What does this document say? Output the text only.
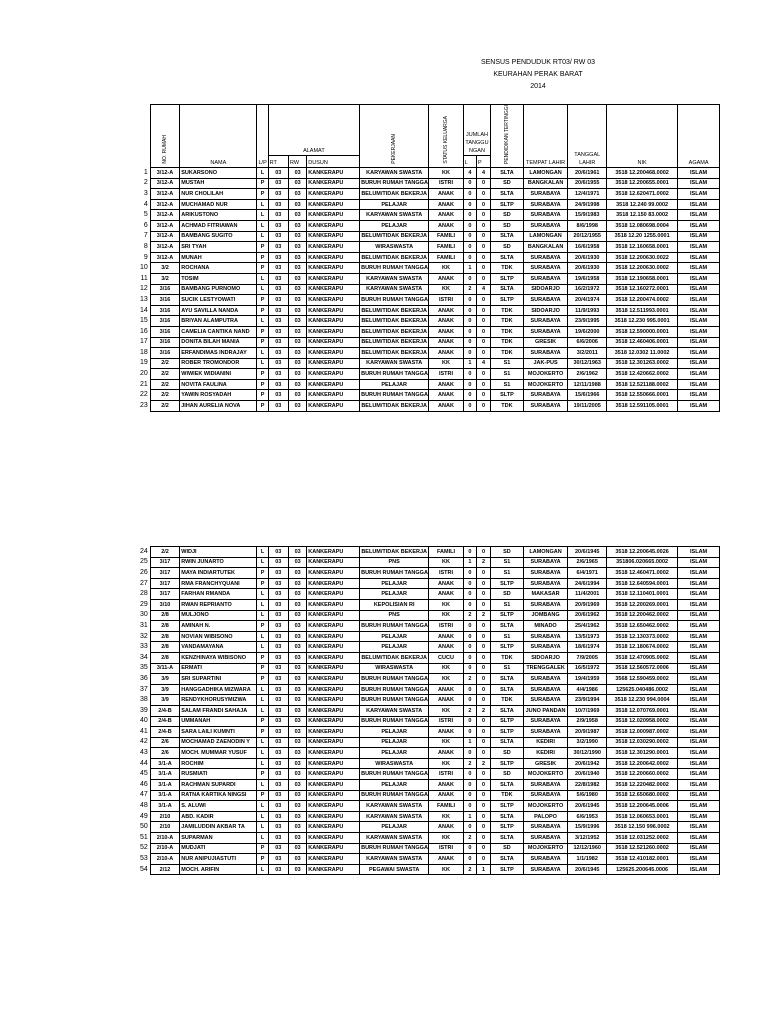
SENSUS PENDUDUK RT03/ RW 03
KEURAHAN PERAK BARAT
2014
	NO. RUMAH	NAMA	L/P	ALAMAT			PEKERJAAN	STATUS KELUARGA	JUMLAH TANGGU NGAN		PENDIDIKAN TERTINGGI	TEMPAT LAHIR	TANGGAL LAHIR	NIK	AGAMA

				RT	RW	DUSUN			L	P					
1	3/12-A	SUKARSONO	L	03	03	KANKERAPU	KARYAWAN SWASTA	KK	4	4	SLTA	LAMONGAN	20/6/1961	3518 12.200468.0002	ISLAM
2	3/12-A	MUSTAH	P	03	03	KANKERAPU	BURUH RUMAH TANGGA	ISTRI	0	0	SD	BANGKALAN	20/6/1955	3518 12.200655.0001	ISLAM
3	3/12-A	NUR CHOLILAH	P	03	03	KANKERAPU	BELUM/TIDAK BEKERJA	ANAK	0	0	SLTA	SURABAYA	12/4/1971	3518 12.620471.0002	ISLAM
4	3/12-A	MUCHAMAD NUR	L	03	03	KANKERAPU	PELAJAR	ANAK	0	0	SLTP	SURABAYA	24/9/1998	3518 12.240 99.0002	ISLAM
5	3/12-A	ARIKUSTONO	L	03	03	KANKERAPU	KARYAWAN SWASTA	ANAK	0	0	SD	SURABAYA	15/9/1983	3518 12.150 83.0002	ISLAM
6	3/12-A	ACHMAD FITRIAWAN	L	03	03	KANKERAPU	PELAJAR	ANAK	0	0	SD	SURABAYA	8/6/1998	3518 12.080698.0004	ISLAM
7	3/12-A	BAMBANG SUGITO	L	03	03	KANKERAPU	BELUM/TIDAK BEKERJA	FAMILI	0	0	SLTA	LAMONGAN	20/12/1955	3518 12.20 1255.0001	ISLAM
8	3/12-A	SRI TYAH	P	03	03	KANKERAPU	WIRASWASTA	FAMILI	0	0	SD	BANGKALAN	16/6/1958	3518 12.160658.0001	ISLAM
9	3/12-A	MUNAH	P	03	03	KANKERAPU	BELUM/TIDAK BEKERJA	FAMILI	0	0	SLTA	SURABAYA	20/6/1930	3518 12.200630.0022	ISLAM
10	3/2	ROCHANA	P	03	03	KANKERAPU	BURUH RUMAH TANGGA	KK	1	0	TDK	SURABAYA	20/6/1930	3518 12.200630.0002	ISLAM
11	3/2	TOSIM	L	03	03	KANKERAPU	KARYAWAN SWASTA	ANAK	0	0	SLTP	SURABAYA	19/6/1958	3518 12.190658.0001	ISLAM
12	3/16	BAMBANG PURNOMO	L	03	03	KANKERAPU	KARYAWAN SWASTA	KK	2	4	SLTA	SIDOARJO	16/2/1972	3518 12.160272.0001	ISLAM
13	3/16	SUCIK LESTYOWATI	P	03	03	KANKERAPU	BURUH RUMAH TANGGA	ISTRI	0	0	SLTP	SURABAYA	20/4/1974	3518 12.200474.0002	ISLAM
14	3/16	AYU SAVILLA NANDA	P	03	03	KANKERAPU	BELUM/TIDAK BEKERJA	ANAK	0	0	TDK	SIDOARJO	11/9/1993	3518 12.511993.0001	ISLAM
15	3/16	BRIYAN ALAMPUTRA	L	03	03	KANKERAPU	BELUM/TIDAK BEKERJA	ANAK	0	0	TDK	SURABAYA	23/9/1995	3518 12.230 995.0001	ISLAM
16	3/16	CAMELIA CANTIKA NAND	P	03	03	KANKERAPU	BELUM/TIDAK BEKERJA	ANAK	0	0	TDK	SURABAYA	19/6/2000	3518 12.590000.0001	ISLAM
17	3/16	DONITA BILAH MANIA	P	03	03	KANKERAPU	BELUM/TIDAK BEKERJA	ANAK	0	0	TDK	GRESIK	6/6/2006	3518 12.460406.0001	ISLAM
18	3/16	ERFANDIMAS INDRAJAY	L	03	03	KANKERAPU	BELUM/TIDAK BEKERJA	ANAK	0	0	TDK	SURABAYA	3/2/2011	3518 12.0302 11.0002	ISLAM
19	2/2	ROBER TROMONDOR	L	03	03	KANKERAPU	KARYAWAN SWASTA	KK	1	4	S1	JAK-PUS	30/12/1963	3518 12.301263.0002	ISLAM
20	2/2	WIWIEK WIDIANINI	P	03	03	KANKERAPU	BURUH RUMAH TANGGA	ISTRI	0	0	S1	MOJOKERTO	2/6/1962	3518 12.420662.0002	ISLAM
21	2/2	NOVITA FAULINA	P	03	03	KANKERAPU	PELAJAR	ANAK	0	0	S1	MOJOKERTO	12/11/1988	3518 12.521188.0002	ISLAM
22	2/2	YAWIN ROSYADAH	P	03	03	KANKERAPU	BURUH RUMAH TANGGA	ANAK	0	0	SLTP	SURABAYA	15/6/1966	3518 12.550666.0001	ISLAM
23	2/2	JIHAN AURELIA NOVA	P	03	03	KANKERAPU	BELUM/TIDAK BEKERJA	ANAK	0	0	TDK	SURABAYA	19/11/2005	3518 12.591105.0001	ISLAM
24	2/2	WIDJI	L	03	03	KANKERAPU	BELUM/TIDAK BEKERJA	FAMILI	0	0	SD	LAMONGAN	20/6/1945	3518 12.200645.0026	ISLAM
25	3/17	RWIN JUNARTO	L	03	03	KANKERAPU	PNS	KK	1	2	S1	SURABAYA	2/6/1965	351806.020665.0002	ISLAM
26	3/17	MAYA INDIARTUTEK	P	03	03	KANKERAPU	BURUH RUMAH TANGGA	ISTRI	0	0	S1	SURABAYA	6/4/1971	3518 12.460471.0002	ISLAM
27	3/17	RMA FRANCHYQUANI	P	03	03	KANKERAPU	PELAJAR	ANAK	0	0	SLTP	SURABAYA	24/6/1994	3518 12.640594.0001	ISLAM
28	3/17	FARHAN RMANDA	L	03	03	KANKERAPU	PELAJAR	ANAK	0	0	SD	MAKASAR	11/4/2001	3518 12.110401.0001	ISLAM
29	3/10	RWAN REPRIANTO	L	03	03	KANKERAPU	KEPOLISIAN RI	KK	0	0	S1	SURABAYA	20/9/1969	3518 12.200269.0001	ISLAM
30	2/8	MULJONO	L	03	03	KANKERAPU	PNS	KK	2	2	SLTP	JOMBANG	20/6/1962	3518 12.200462.0002	ISLAM
31	2/8	AMINAH N.	P	03	03	KANKERAPU	BURUH RUMAH TANGGA	ISTRI	0	0	SLTA	MINADO	25/4/1962	3518 12.650462.0002	ISLAM
32	2/8	NOVIAN WIBISONO	L	03	03	KANKERAPU	PELAJAR	ANAK	0	0	S1	SURABAYA	13/5/1973	3518 12.130373.0002	ISLAM
33	2/8	VANDAMAYANA	L	03	03	KANKERAPU	PELAJAR	ANAK	0	0	SLTP	SURABAYA	18/6/1974	3518 12.180674.0002	ISLAM
34	2/8	KENZHINAYA WIBISONO	P	03	03	KANKERAPU	BELUM/TIDAK BEKERJA	CUCU	0	0	TDK	SIDOARJO	7/9/2005	3518 12.470905.0002	ISLAM
35	3/11-A	ERMATI	P	03	03	KANKERAPU	WIRASWASTA	KK	0	0	S1	TRENGGALEK	16/5/1972	3518 12.560572.0006	ISLAM
36	3/9	SRI SUPARTINI	P	03	03	KANKERAPU	BURUH RUMAH TANGGA	KK	2	0	SLTA	SURABAYA	19/4/1959	3568 12.590459.0002	ISLAM
37	3/9	HANGGADHIKA MIZWARA	L	03	03	KANKERAPU	BURUH RUMAH TANGGA	ANAK	0	0	SLTA	SURABAYA	4/4/1986	125625.040486.0002	ISLAM
38	3/9	RENDYKHORUSYMIZWA	L	03	03	KANKERAPU	BURUH RUMAH TANGGA	ANAK	0	0	TDK	SURABAYA	23/9/1994	3518 12.230 994.0004	ISLAM
39	2/4-B	SALAM FRANDI SAHAJA	L	03	03	KANKERAPU	KARYAWAN SWASTA	KK	2	2	SLTA	JUNO PANDAN	10/7/1969	3518 12.070769.0001	ISLAM
40	2/4-B	UMMANAH	P	03	03	KANKERAPU	BURUH RUMAH TANGGA	ISTRI	0	0	SLTP	SURABAYA	2/9/1958	3518 12.020958.0002	ISLAM
41	2/4-B	SARA LAILI KUMNTI	P	03	03	KANKERAPU	PELAJAR	ANAK	0	0	SLTP	SURABAYA	20/9/1987	3518 12.000987.0002	ISLAM
42	2/6	MOCHAMAD ZAENODIN Y	L	03	03	KANKERAPU	PELAJAR	KK	1	0	SLTA	KEDIRI	3/2/1990	3518 12.030290.0002	ISLAM
43	2/6	MOCH. MUMMAR YUSUF	L	03	03	KANKERAPU	PELAJAR	ANAK	0	0	SD	KEDIRI	30/12/1990	3518 12.301290.0001	ISLAM
44	3/1-A	ROCHIM	L	03	03	KANKERAPU	WIRASWASTA	KK	2	2	SLTP	GRESIK	20/6/1942	3518 12.200642.0002	ISLAM
45	3/1-A	RUSMIATI	P	03	03	KANKERAPU	BURUH RUMAH TANGGA	ISTRI	0	0	SD	MOJOKERTO	20/6/1940	3518 12.200660.0002	ISLAM
46	3/1-A	RACHMAN SUPARDI	L	03	03	KANKERAPU	PELAJAR	ANAK	0	0	SLTA	SURABAYA	22/8/1982	3518 12.220482.0002	ISLAM
47	3/1-A	RATNA KARTIKA NINGSI	P	03	03	KANKERAPU	BURUH RUMAH TANGGA	ANAK	0	0	TDK	SURABAYA	5/6/1980	3518 12.650680.0002	ISLAM
48	3/1-A	S. ALUWI	L	03	03	KANKERAPU	KARYAWAN SWASTA	FAMILI	0	0	SLTP	MOJOKERTO	20/6/1945	3518 12.200645.0006	ISLAM
49	2/10	ABD. KADIR	L	03	03	KANKERAPU	KARYAWAN SWASTA	KK	1	0	SLTA	PALOPO	6/6/1953	3518 12.060653.0001	ISLAM
50	2/10	JAMILUDDIN AKBAR TA	L	03	03	KANKERAPU	PELAJAR	ANAK	0	0	SLTP	SURABAYA	15/9/1996	3518 12.150 996.0002	ISLAM
51	2/10-A	SUPARMAN	L	03	03	KANKERAPU	KARYAWAN SWASTA	KK	2	0	SLTA	SURABAYA	3/12/1952	3518 12.031252.0002	ISLAM
52	2/10-A	MUDJATI	P	03	03	KANKERAPU	BURUH RUMAH TANGGA	ISTRI	0	0	SD	MOJOKERTO	12/12/1960	3518 12.521260.0002	ISLAM
53	2/10-A	NUR ANIPUJIASTUTI	P	03	03	KANKERAPU	KARYAWAN SWASTA	ANAK	0	0	SLTA	SURABAYA	1/1/1982	3518 12.410182.0001	ISLAM
54	2/12	MOCH. ARIFIN	L	03	03	KANKERAPU	PEGAWAI SWASTA	KK	2	1	SLTP	SURABAYA	20/6/1945	125625.200645.0006	ISLAM
